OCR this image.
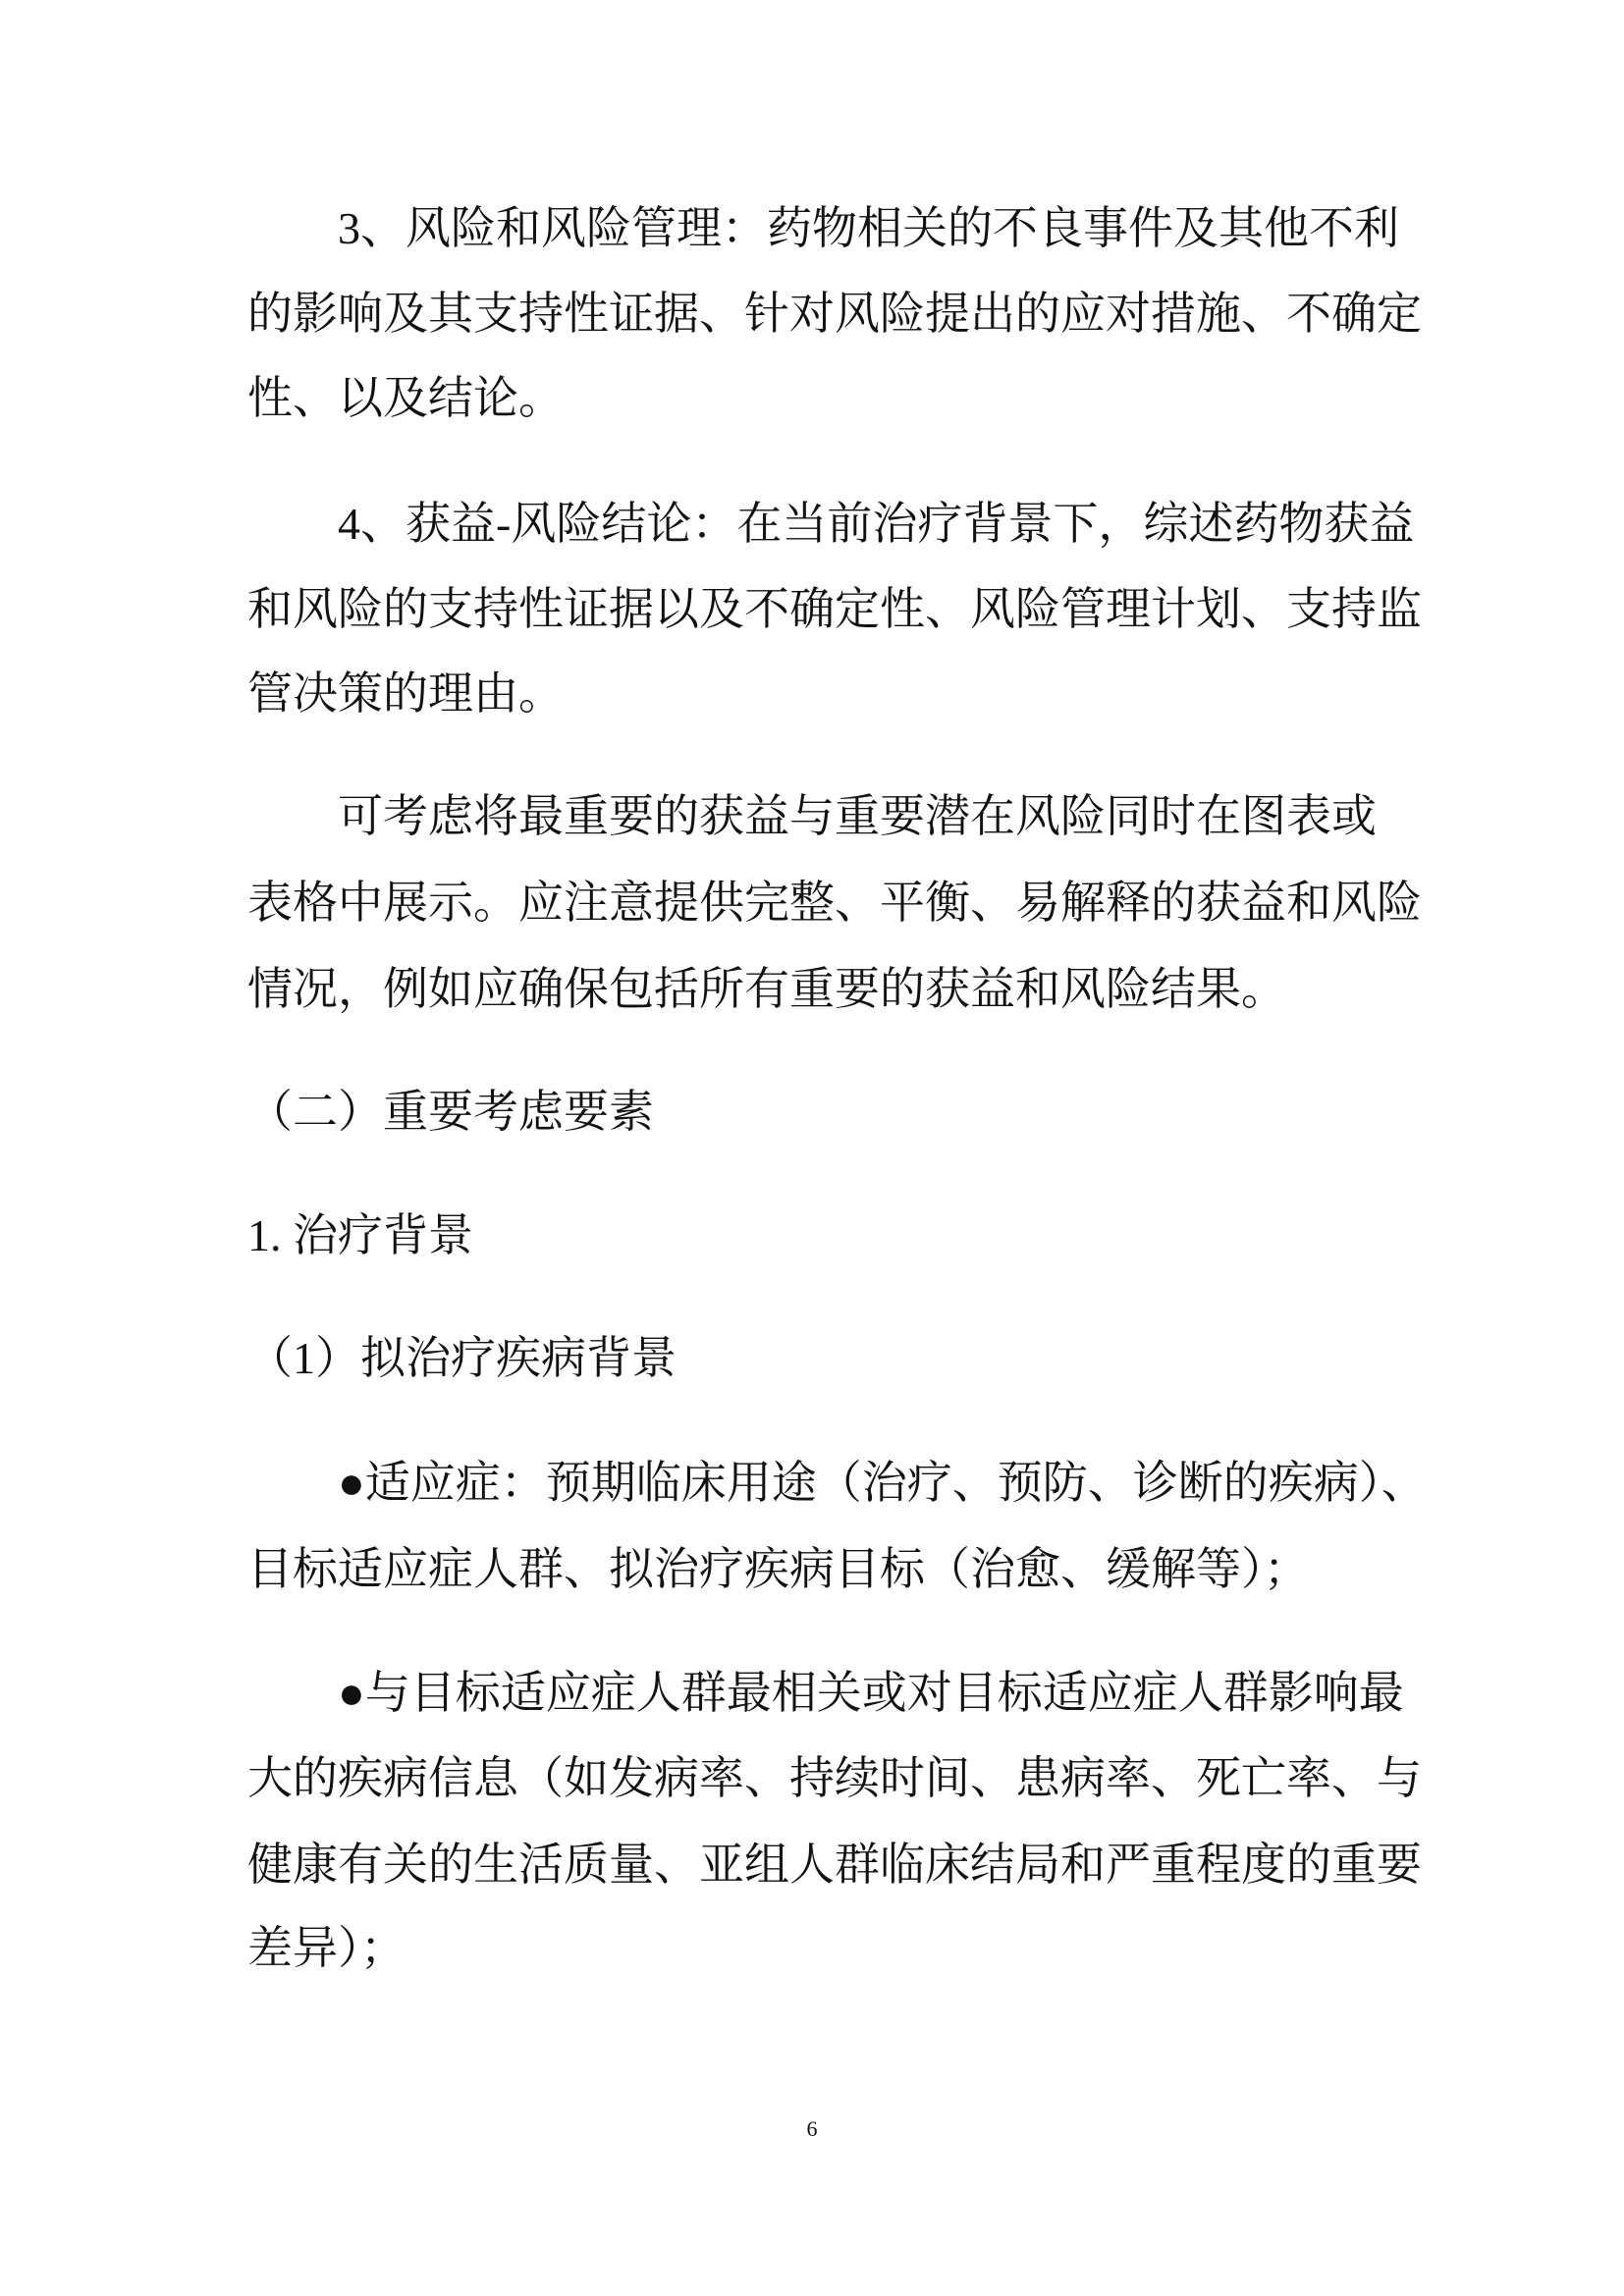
3、风险和风险管理：药物相关的不良事件及其他不利
的影响及其支持性证据、针对风险提出的应对措施、不确定
性、以及结论。
4、获益-风险结论：在当前治疗背景下，综述药物获益
和风险的支持性证据以及不确定性、风险管理计划、支持监
管决策的理由。
可考虑将最重要的获益与重要潜在风险同时在图表或
表格中展示。应注意提供完整、平衡、易解释的获益和风险
情况，例如应确保包括所有重要的获益和风险结果。
（二）重要考虑要素
1. 治疗背景
（1）拟治疗疾病背景
●适应症：预期临床用途（治疗、预防、诊断的疾病）、
目标适应症人群、拟治疗疾病目标（治愈、缓解等）；
●与目标适应症人群最相关或对目标适应症人群影响最
大的疾病信息（如发病率、持续时间、患病率、死亡率、与
健康有关的生活质量、亚组人群临床结局和严重程度的重要
差异）；
6
